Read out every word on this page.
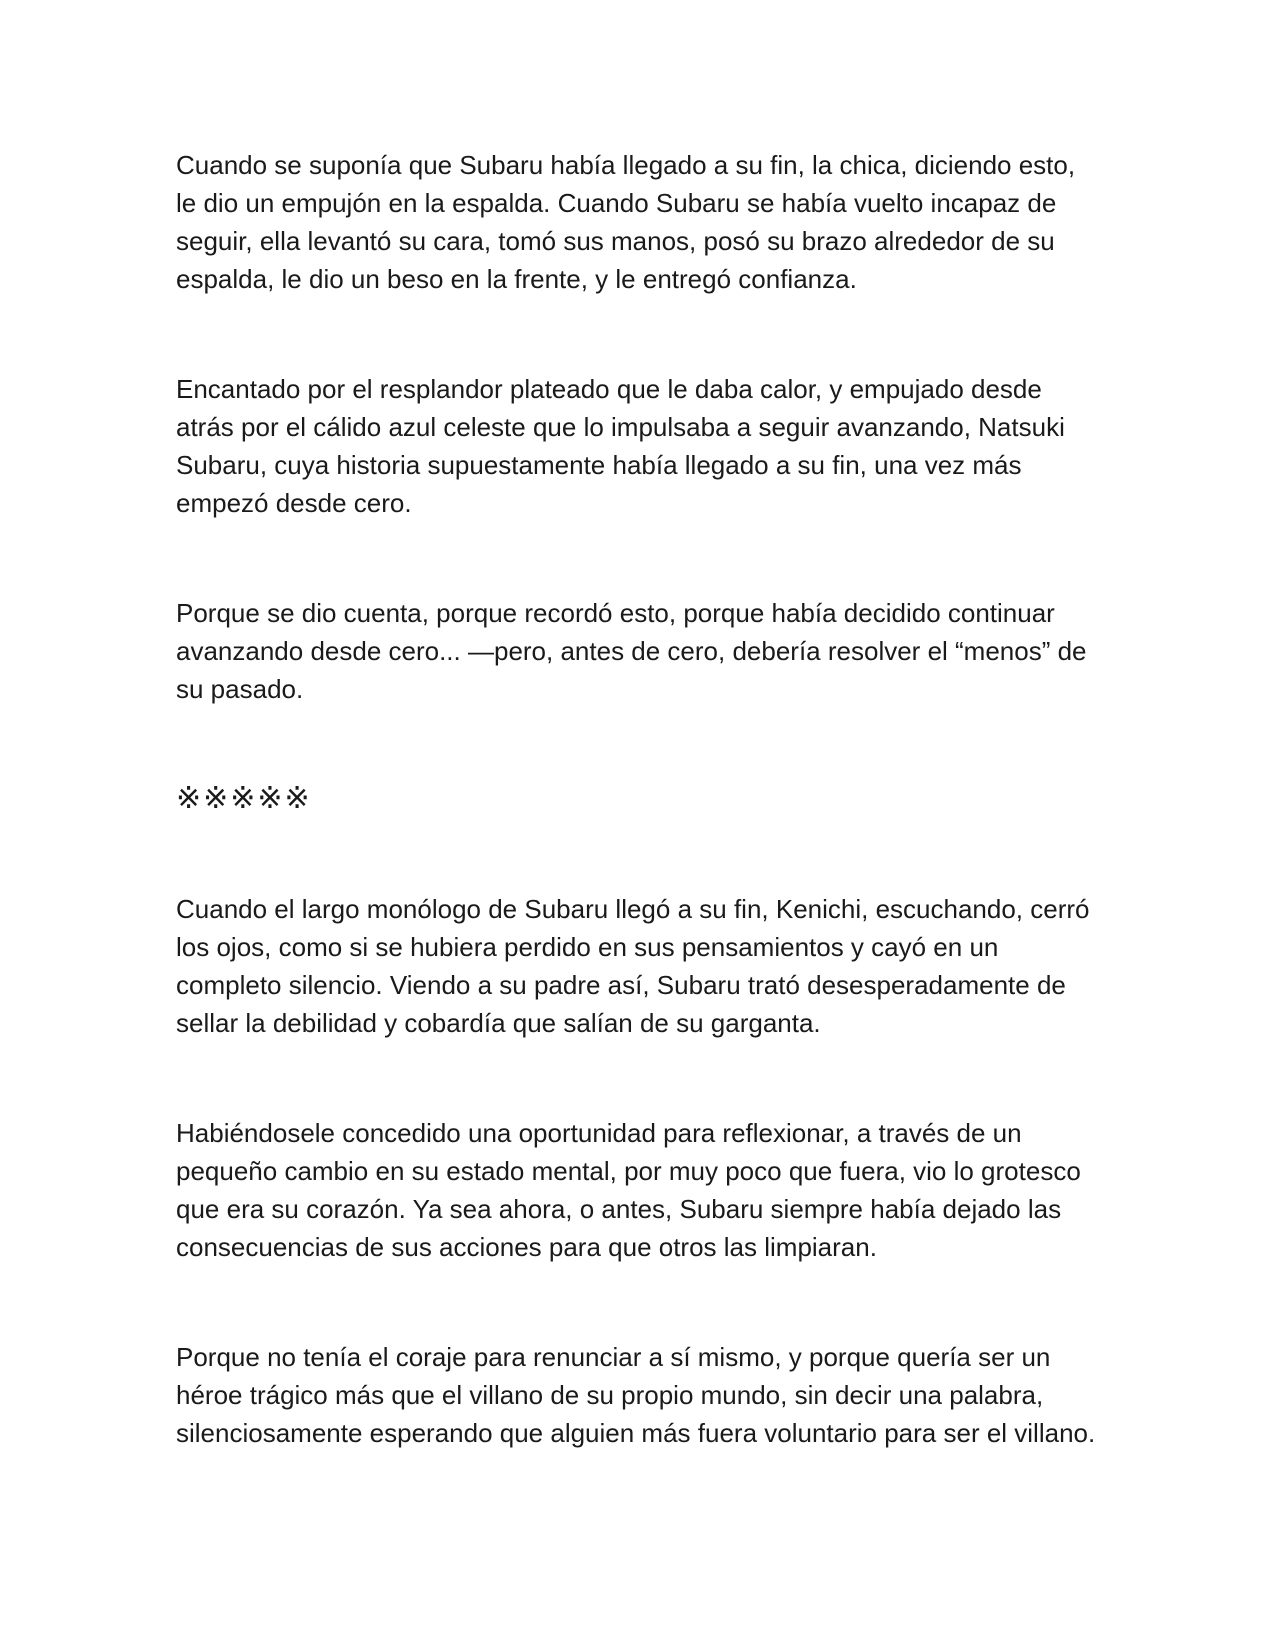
Cuando se suponía que Subaru había llegado a su fin, la chica, diciendo esto, le dio un empujón en la espalda. Cuando Subaru se había vuelto incapaz de seguir, ella levantó su cara, tomó sus manos, posó su brazo alrededor de su espalda, le dio un beso en la frente, y le entregó confianza.

Encantado por el resplandor plateado que le daba calor, y empujado desde atrás por el cálido azul celeste que lo impulsaba a seguir avanzando, Natsuki Subaru, cuya historia supuestamente había llegado a su fin, una vez más empezó desde cero.

Porque se dio cuenta, porque recordó esto, porque había decidido continuar avanzando desde cero... —pero, antes de cero, debería resolver el “menos” de su pasado.

※※※※※

Cuando el largo monólogo de Subaru llegó a su fin, Kenichi, escuchando, cerró los ojos, como si se hubiera perdido en sus pensamientos y cayó en un completo silencio. Viendo a su padre así, Subaru trató desesperadamente de sellar la debilidad y cobardía que salían de su garganta.

Habiéndosele concedido una oportunidad para reflexionar, a través de un pequeño cambio en su estado mental, por muy poco que fuera, vio lo grotesco que era su corazón. Ya sea ahora, o antes, Subaru siempre había dejado las consecuencias de sus acciones para que otros las limpiaran.

Porque no tenía el coraje para renunciar a sí mismo, y porque quería ser un héroe trágico más que el villano de su propio mundo, sin decir una palabra, silenciosamente esperando que alguien más fuera voluntario para ser el villano.
